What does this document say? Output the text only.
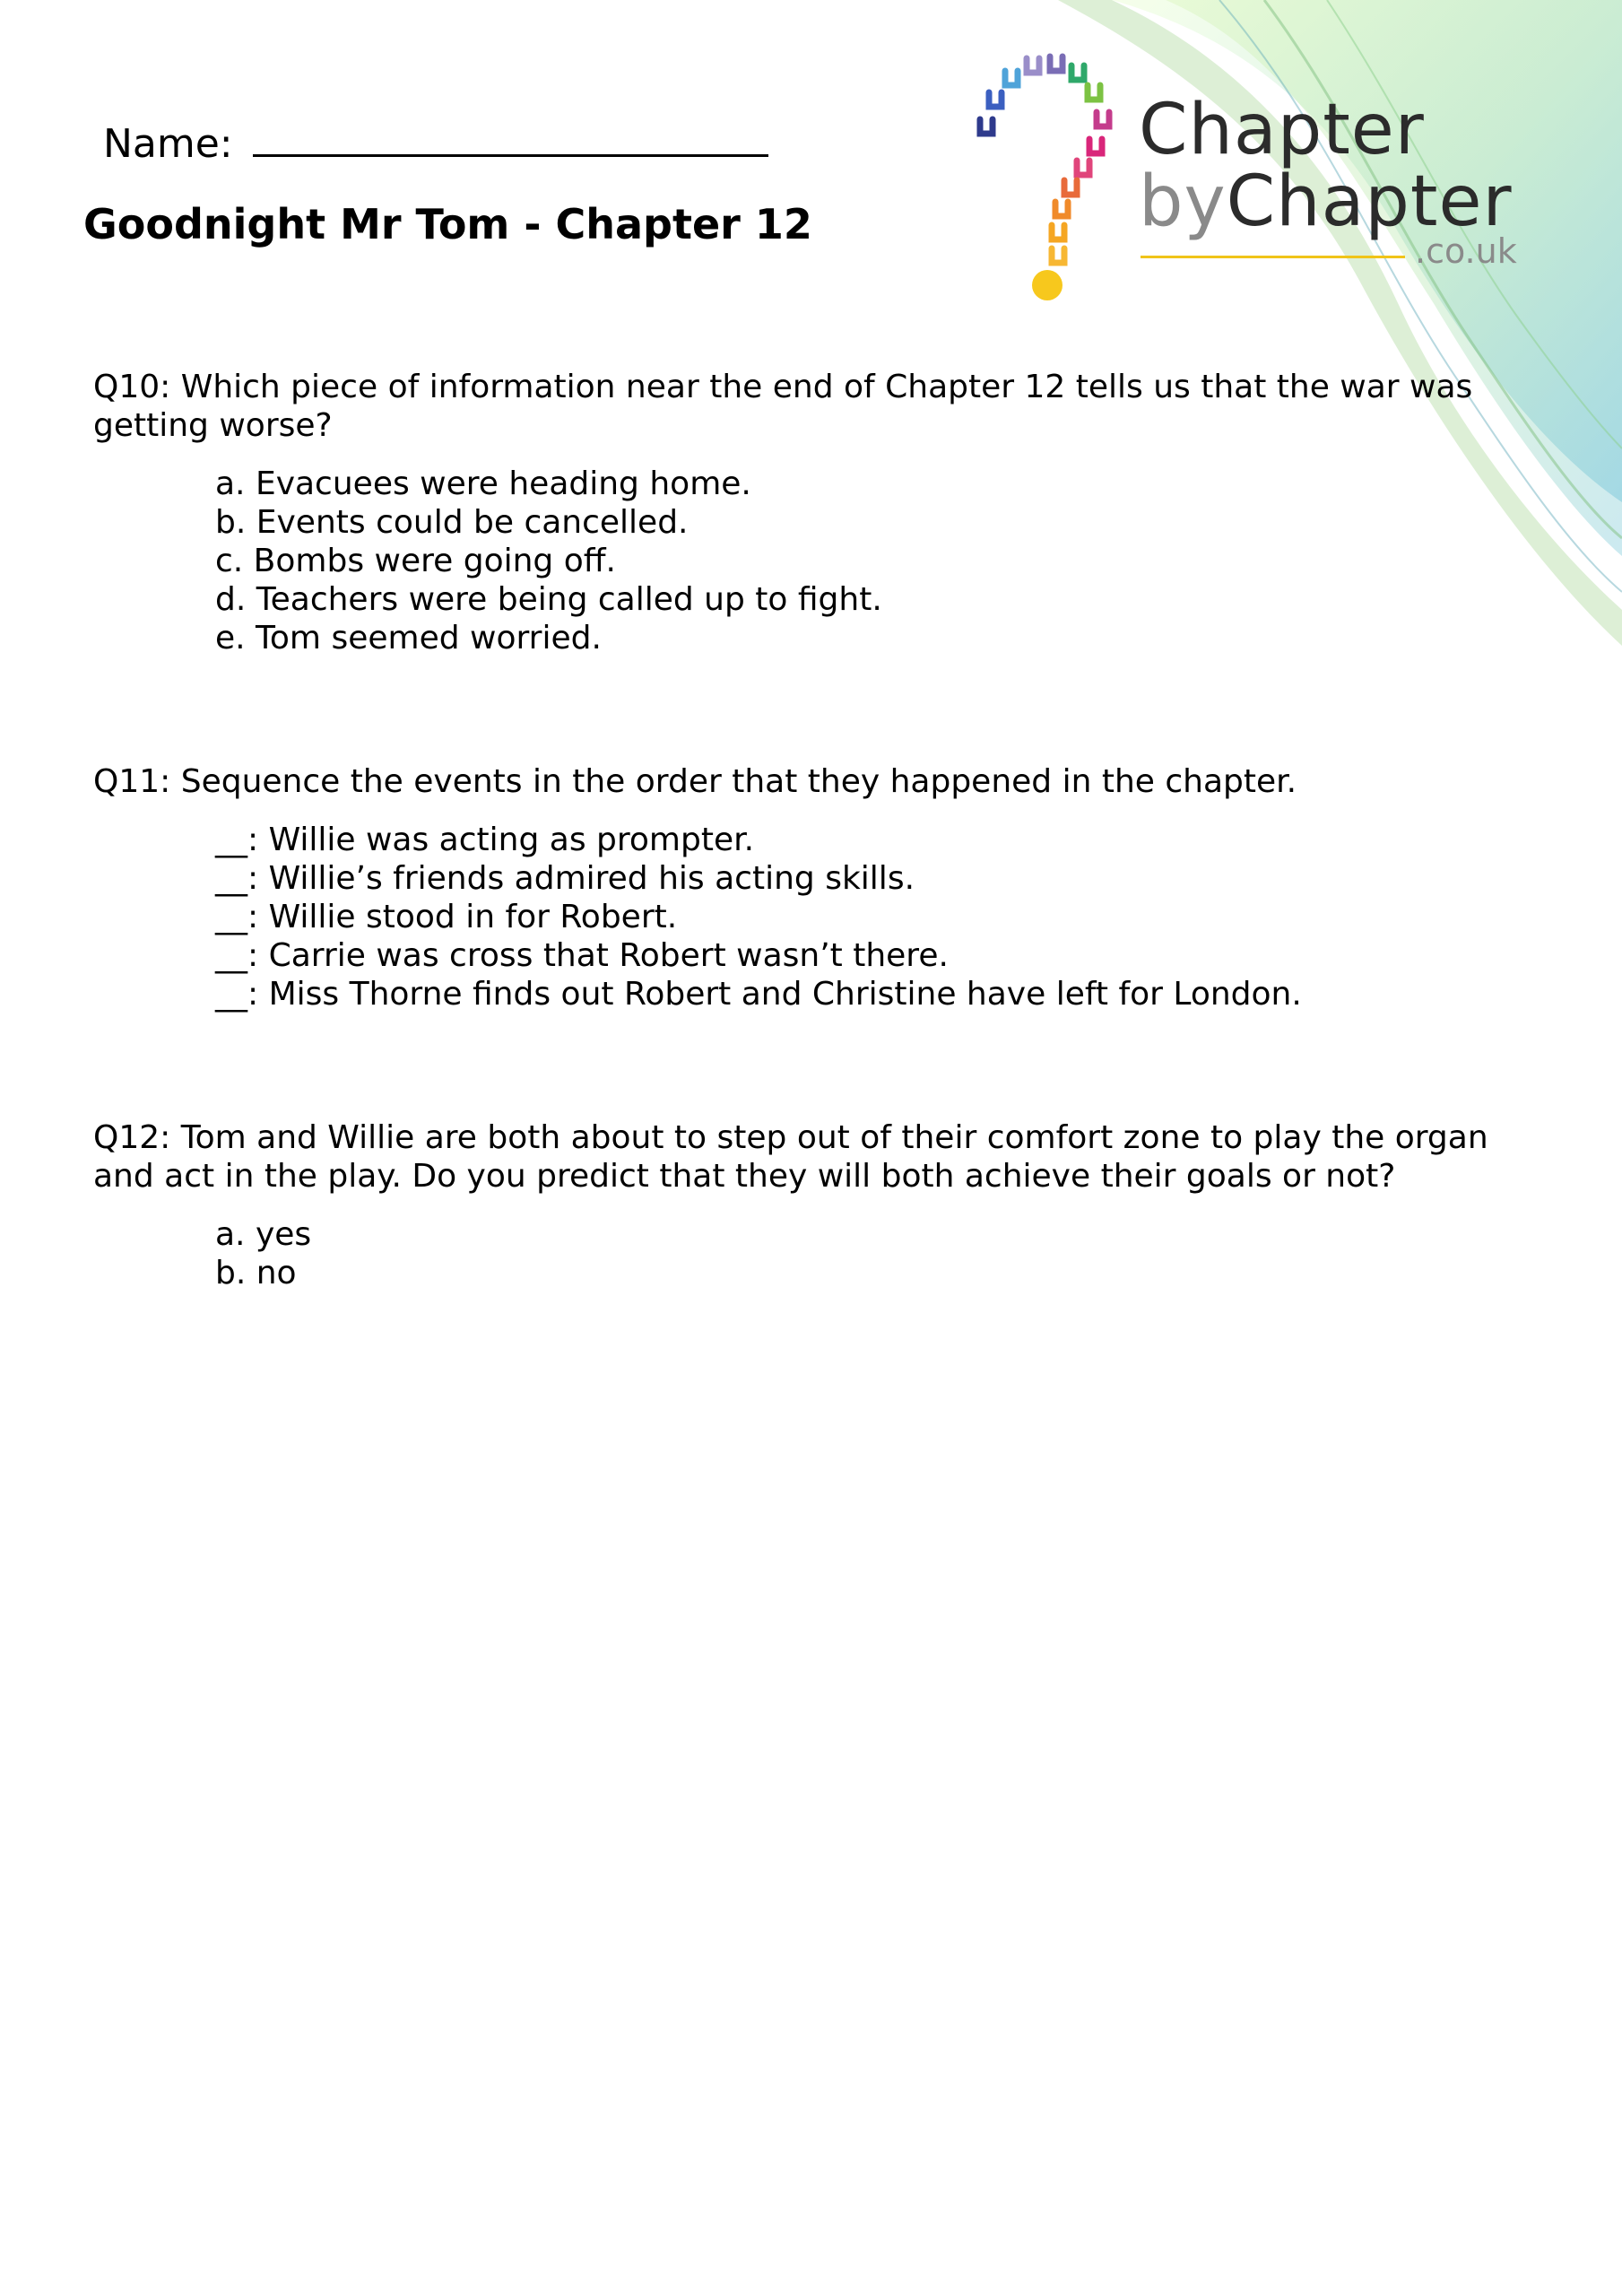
Name:
Goodnight Mr Tom - Chapter 12
Chapter
byChapter
.co.uk

Q10: Which piece of information near the end of Chapter 12 tells us that the war was getting worse?

a. Evacuees were heading home.
b. Events could be cancelled.
c. Bombs were going off.
d. Teachers were being called up to fight.
e. Tom seemed worried.

Q11: Sequence the events in the order that they happened in the chapter.

__: Willie was acting as prompter.
__: Willie’s friends admired his acting skills.
__: Willie stood in for Robert.
__: Carrie was cross that Robert wasn’t there.
__: Miss Thorne finds out Robert and Christine have left for London.

Q12: Tom and Willie are both about to step out of their comfort zone to play the organ and act in the play. Do you predict that they will both achieve their goals or not?

a. yes
b. no
